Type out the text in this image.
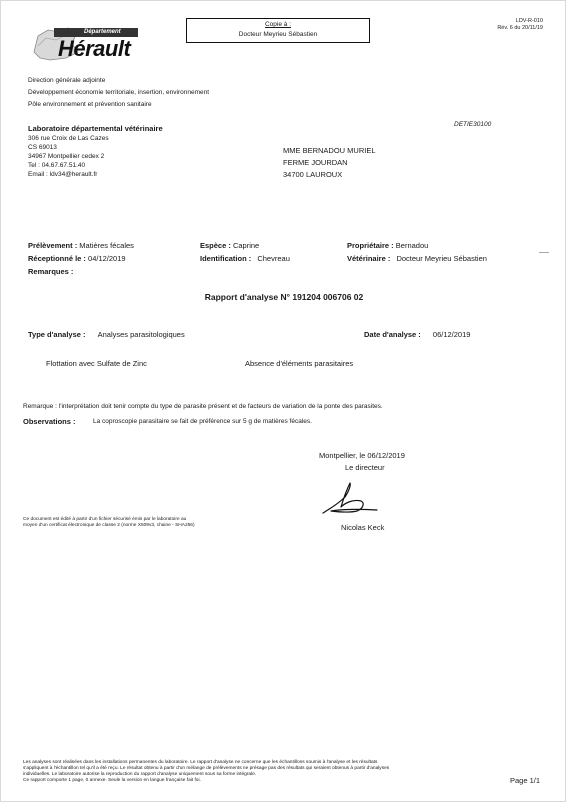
Département
Hérault
Copie à :
Docteur Meyrieu Sébastien
LDV-R-010
Rév. 6 du 20/11/19
Direction générale adjointe
Développement économie territoriale, insertion, environnement
Pôle environnement et prévention sanitaire
Laboratoire départemental vétérinaire
306 rue Croix de Las Cazes
CS 69013
34967 Montpellier cedex 2
Tel : 04.67.67.51.40
Email : ldv34@herault.fr
DETIE30100
MME BERNADOU MURIEL
FERME JOURDAN
34700 LAUROUX
Prélèvement : Matières fécales	Espèce : Caprine	Propriétaire : Bernadou
Réceptionné le : 04/12/2019	Identification : Chevreau	Vétérinaire : Docteur Meyrieu Sébastien
Remarques :
Rapport d'analyse N° 191204 006706 02
Type d'analyse : Analyses parasitologiques	Date d'analyse : 06/12/2019
Flottation avec Sulfate de Zinc	Absence d'éléments parasitaires
Remarque : l'interprétation doit tenir compte du type de parasite présent et de facteurs de variation de la ponte des parasites.
Observations :	La coproscopie parasitaire se fait de préférence sur 5 g de matières fécales.
Montpellier, le 06/12/2019
Le directeur
Nicolas Keck
Ce document est édité à partir d'un fichier sécurisé émis par le laboratoire au
moyen d'un certificat électronique de classe 2 (norme X509v3, chaine - SHA256)
Les analyses sont réalisées dans les installations permanentes du laboratoire. Le rapport d'analyse ne concerne que les échantillons soumis à l'analyse et les résultats
s'appliquent à l'échantillon tel qu'il a été reçu. Le résultat obtenu à partir d'un mélange de prélèvements ne présage pas des résultats qui seraient obtenus à partir d'analyses
individuelles. Le laboratoire autorise la reproduction du rapport d'analyse uniquement sous sa forme intégrale.
Ce rapport comporte 1 page, 0 annexe. Seule la version en langue française fait foi.	Page 1/1
